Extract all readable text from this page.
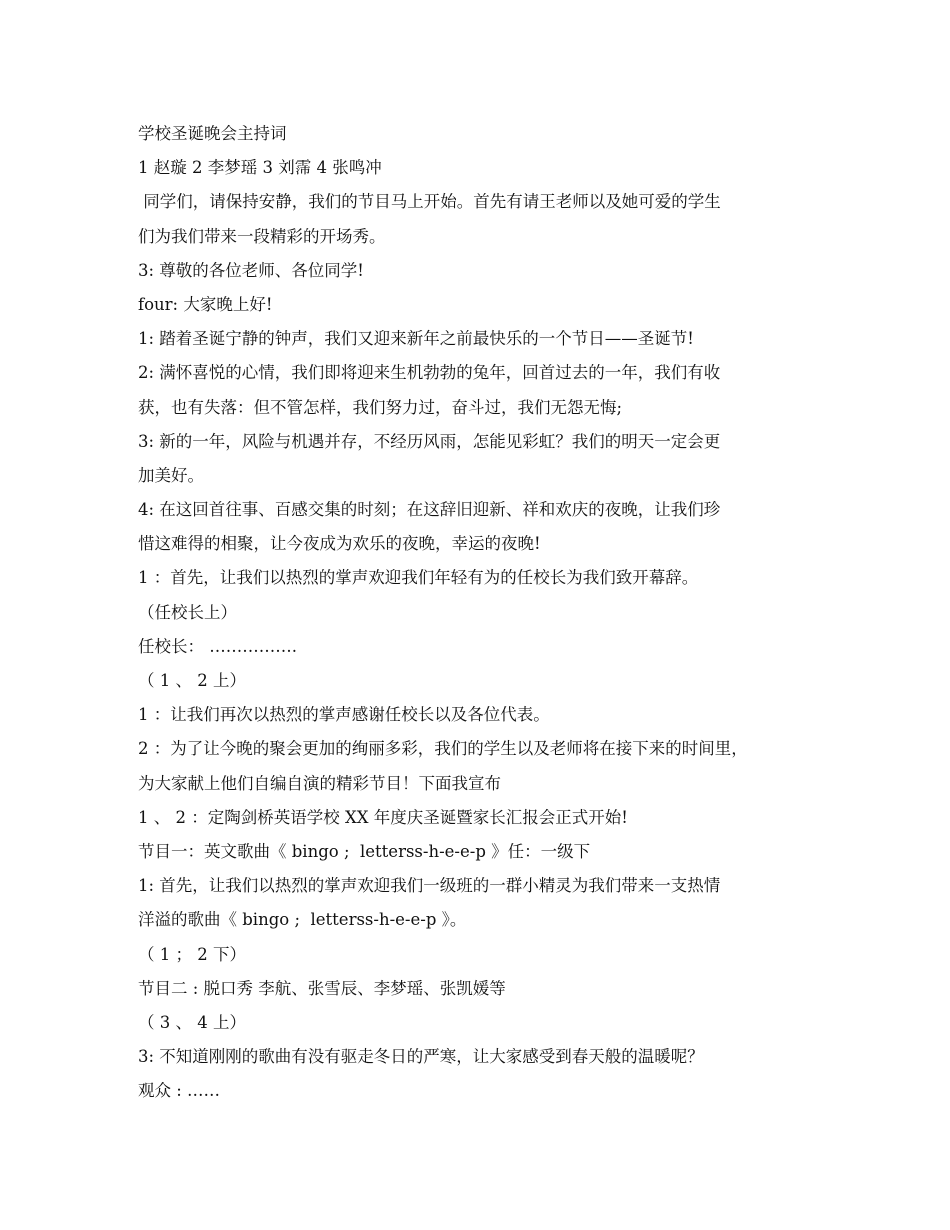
学校圣诞晚会主持词
1 赵璇 2 李梦瑶 3 刘霈 4 张鸣冲
同学们，请保持安静，我们的节目马上开始。首先有请王老师以及她可爱的学生
们为我们带来一段精彩的开场秀。
3: 尊敬的各位老师、各位同学!
four: 大家晚上好!
1: 踏着圣诞宁静的钟声，我们又迎来新年之前最快乐的一个节日——圣诞节!
2: 满怀喜悦的心情，我们即将迎来生机勃勃的兔年，回首过去的一年，我们有收
获，也有失落：但不管怎样，我们努力过，奋斗过，我们无怨无悔;
3: 新的一年，风险与机遇并存，不经历风雨，怎能见彩虹？我们的明天一定会更
加美好。
4: 在这回首往事、百感交集的时刻；在这辞旧迎新、祥和欢庆的夜晚，让我们珍
惜这难得的相聚，让今夜成为欢乐的夜晚，幸运的夜晚!
1 ：首先，让我们以热烈的掌声欢迎我们年轻有为的任校长为我们致开幕辞。
（任校长上）
任校长： …………….
（ 1 、 2 上）
1 ：让我们再次以热烈的掌声感谢任校长以及各位代表。
2 ：为了让今晚的聚会更加的绚丽多彩，我们的学生以及老师将在接下来的时间里，
为大家献上他们自编自演的精彩节目！下面我宣布
1 、 2 ：定陶剑桥英语学校 XX 年度庆圣诞暨家长汇报会正式开始!
节目一：英文歌曲《 bingo ;  letterss-h-e-e-p 》任：一级下
1: 首先，让我们以热烈的掌声欢迎我们一级班的一群小精灵为我们带来一支热情
洋溢的歌曲《 bingo ;  letterss-h-e-e-p 》。
（ 1 ； 2 下）
节目二 : 脱口秀 李航、张雪辰、李梦瑶、张凯媛等
（ 3 、 4 上）
3: 不知道刚刚的歌曲有没有驱走冬日的严寒，让大家感受到春天般的温暖呢？
观众 : ……
